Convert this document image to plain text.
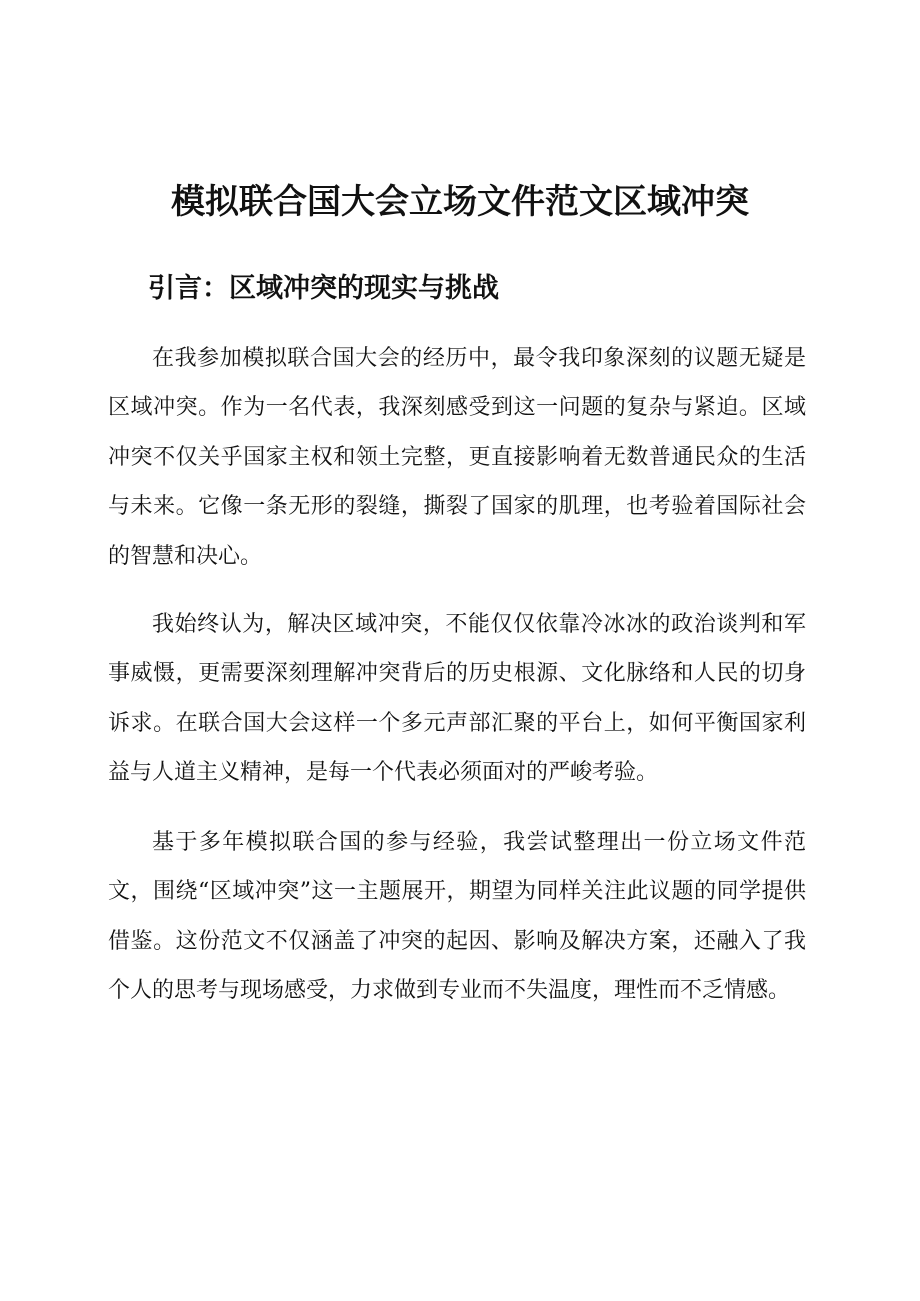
模拟联合国大会立场文件范文区域冲突
引言：区域冲突的现实与挑战

在我参加模拟联合国大会的经历中，最令我印象深刻的议题无疑是区域冲突。作为一名代表，我深刻感受到这一问题的复杂与紧迫。区域冲突不仅关乎国家主权和领土完整，更直接影响着无数普通民众的生活与未来。它像一条无形的裂缝，撕裂了国家的肌理，也考验着国际社会的智慧和决心。

我始终认为，解决区域冲突，不能仅仅依靠冷冰冰的政治谈判和军事威慑，更需要深刻理解冲突背后的历史根源、文化脉络和人民的切身诉求。在联合国大会这样一个多元声部汇聚的平台上，如何平衡国家利益与人道主义精神，是每一个代表必须面对的严峻考验。

基于多年模拟联合国的参与经验，我尝试整理出一份立场文件范文，围绕“区域冲突”这一主题展开，期望为同样关注此议题的同学提供借鉴。这份范文不仅涵盖了冲突的起因、影响及解决方案，还融入了我个人的思考与现场感受，力求做到专业而不失温度，理性而不乏情感。
